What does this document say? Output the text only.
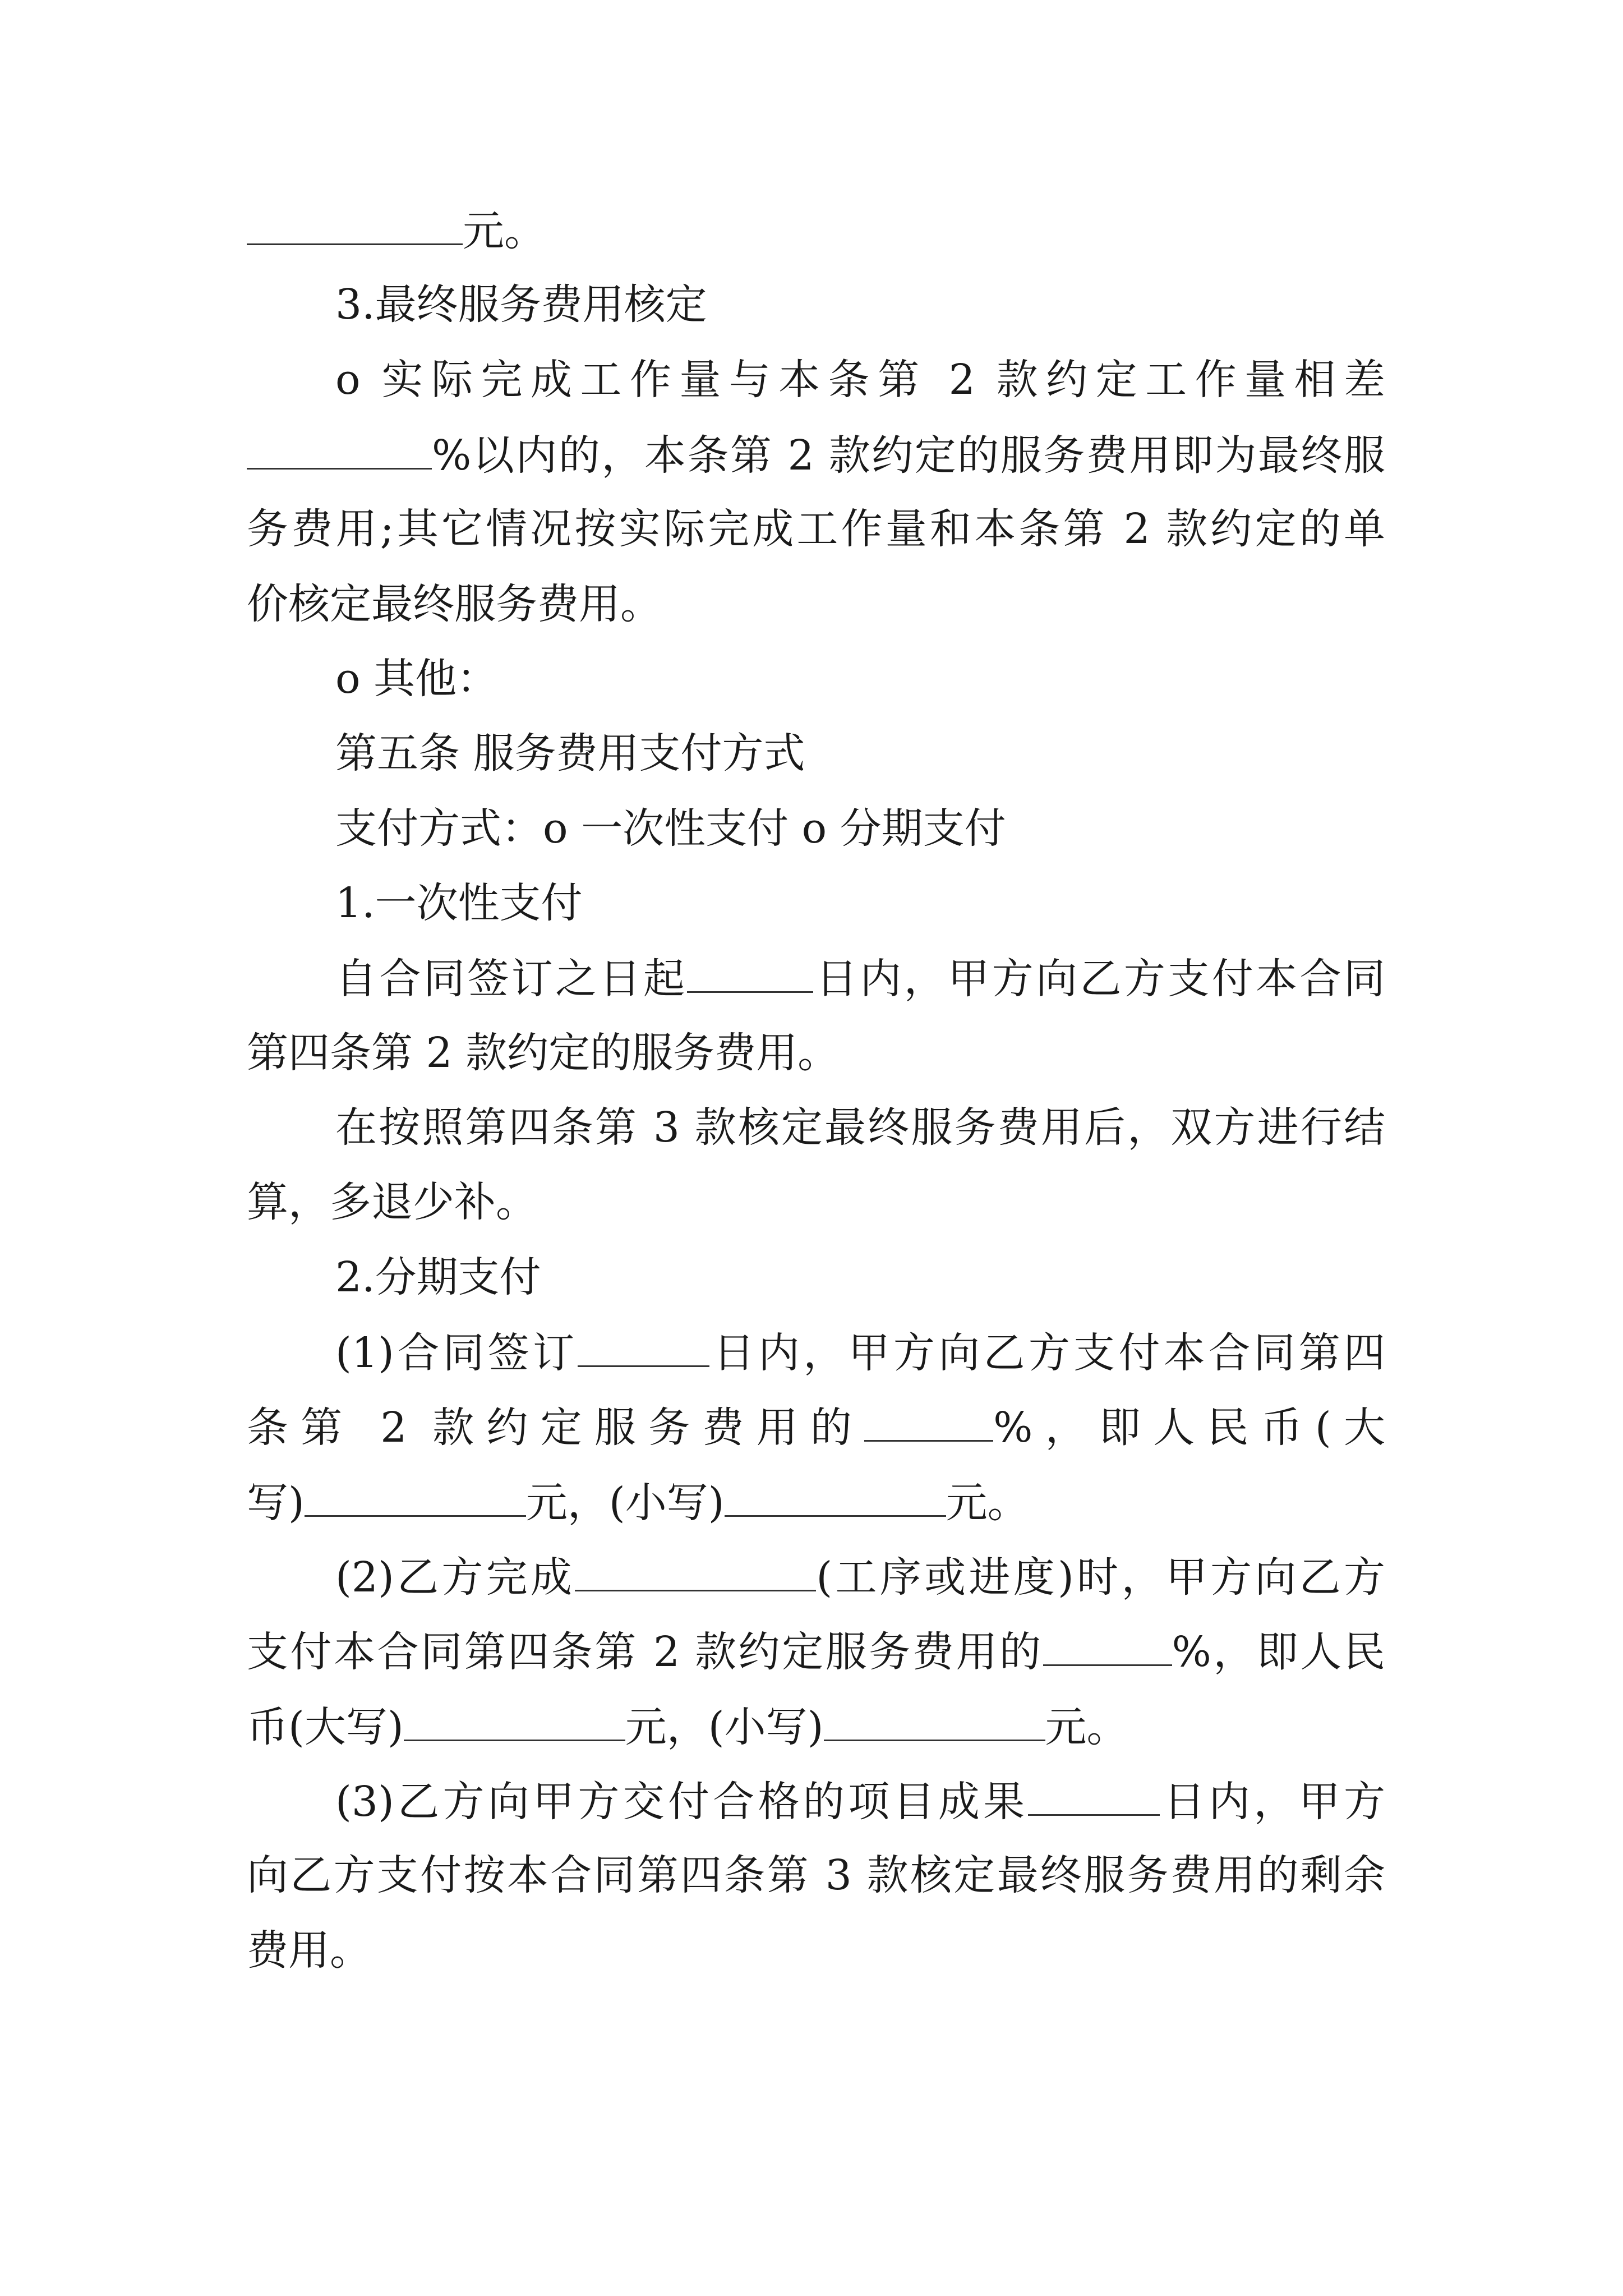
元。
3.最终服务费用核定
o 实际完成工作量与本条第 2 款约定工作量相差
%以内的，本条第 2 款约定的服务费用即为最终服
务费用;其它情况按实际完成工作量和本条第 2 款约定的单
价核定最终服务费用。
o 其他：
第五条 服务费用支付方式
支付方式：o 一次性支付 o 分期支付
1.一次性支付
自合同签订之日起	日内，甲方向乙方支付本合同
第四条第 2 款约定的服务费用。
在按照第四条第 3 款核定最终服务费用后，双方进行结
算，多退少补。
2.分期支付
(1)合同签订	日内，甲方向乙方支付本合同第四
条第 2 款约定服务费用的	%，即人民币(大
写)	元，(小写)	元。
(2)乙方完成	(工序或进度)时，甲方向乙方
支付本合同第四条第 2 款约定服务费用的	%，即人民
币(大写)	元，(小写)	元。
(3)乙方向甲方交付合格的项目成果	日内，甲方
向乙方支付按本合同第四条第 3 款核定最终服务费用的剩余
费用。
